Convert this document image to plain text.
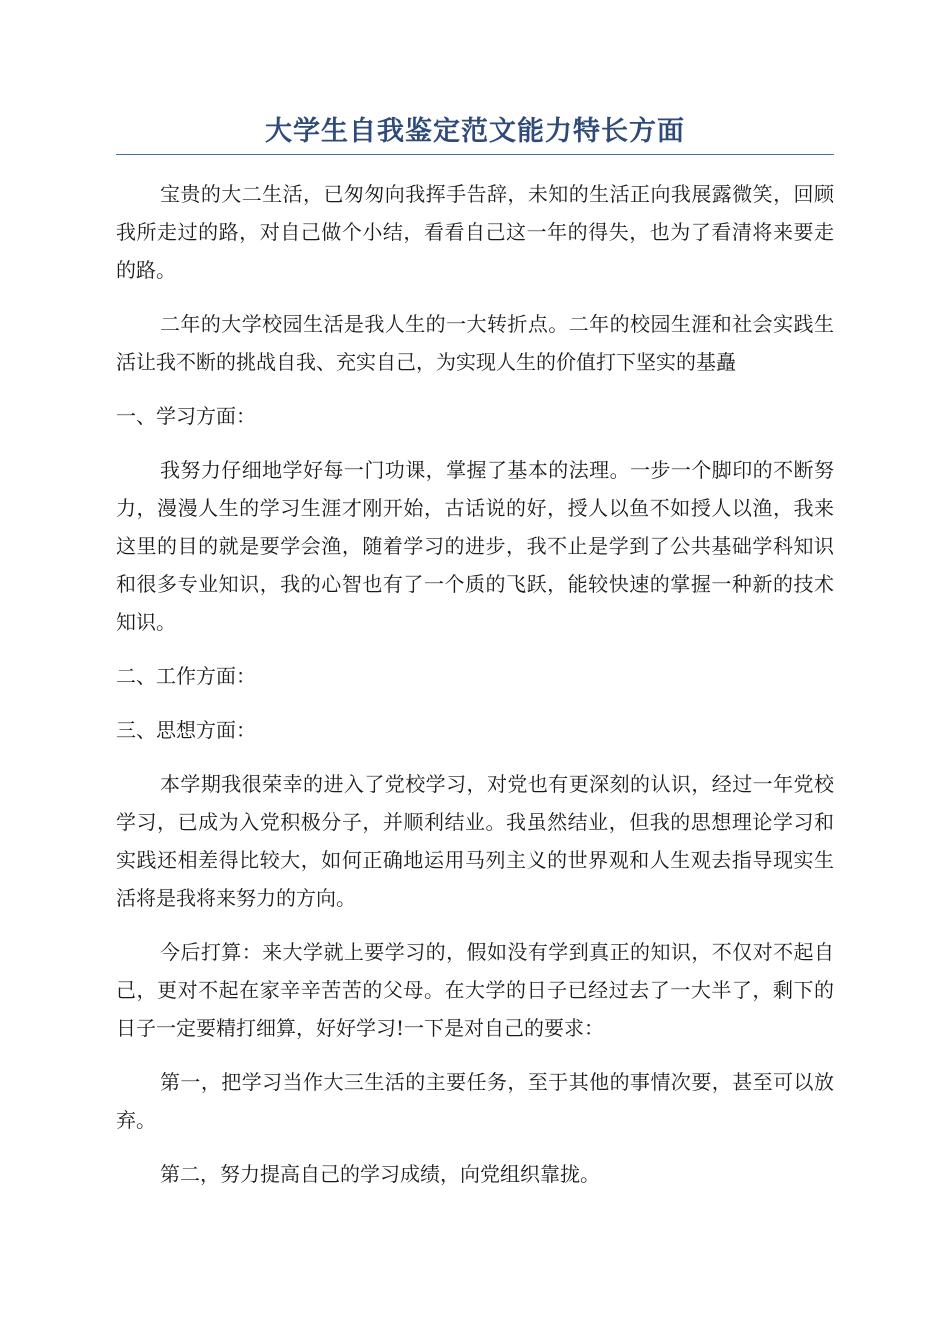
大学生自我鉴定范文能力特长方面

宝贵的大二生活，已匆匆向我挥手告辞，未知的生活正向我展露微笑，回顾我所走过的路，对自己做个小结，看看自己这一年的得失，也为了看清将来要走的路。

二年的大学校园生活是我人生的一大转折点。二年的校园生涯和社会实践生活让我不断的挑战自我、充实自己，为实现人生的价值打下坚实的基矗

一、学习方面：

我努力仔细地学好每一门功课，掌握了基本的法理。一步一个脚印的不断努力，漫漫人生的学习生涯才刚开始，古话说的好，授人以鱼不如授人以渔，我来这里的目的就是要学会渔，随着学习的进步，我不止是学到了公共基础学科知识和很多专业知识，我的心智也有了一个质的飞跃，能较快速的掌握一种新的技术知识。

二、工作方面：

三、思想方面：

本学期我很荣幸的进入了党校学习，对党也有更深刻的认识，经过一年党校学习，已成为入党积极分子，并顺利结业。我虽然结业，但我的思想理论学习和实践还相差得比较大，如何正确地运用马列主义的世界观和人生观去指导现实生活将是我将来努力的方向。

今后打算：来大学就上要学习的，假如没有学到真正的知识，不仅对不起自己，更对不起在家辛辛苦苦的父母。在大学的日子已经过去了一大半了，剩下的日子一定要精打细算，好好学习!一下是对自己的要求：

第一，把学习当作大三生活的主要任务，至于其他的事情次要，甚至可以放弃。

第二，努力提高自己的学习成绩，向党组织靠拢。
